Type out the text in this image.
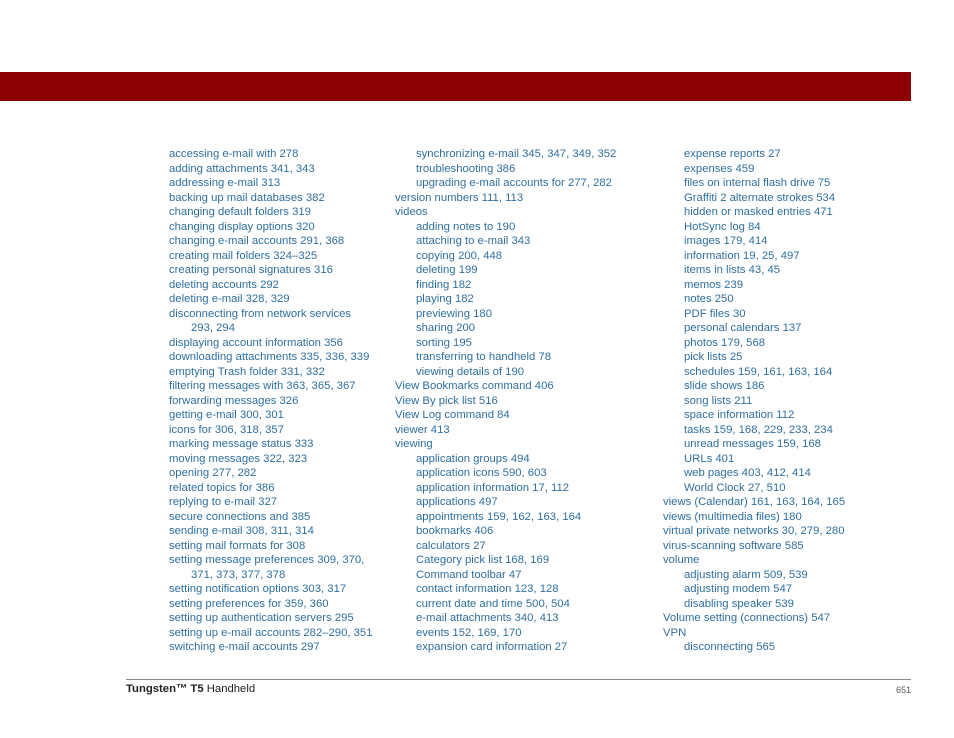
accessing e-mail with 278
adding attachments 341, 343
addressing e-mail 313
backing up mail databases 382
changing default folders 319
changing display options 320
changing e-mail accounts 291, 368
creating mail folders 324–325
creating personal signatures 316
deleting accounts 292
deleting e-mail 328, 329
disconnecting from network services
293, 294
displaying account information 356
downloading attachments 335, 336, 339
emptying Trash folder 331, 332
filtering messages with 363, 365, 367
forwarding messages 326
getting e-mail 300, 301
icons for 306, 318, 357
marking message status 333
moving messages 322, 323
opening 277, 282
related topics for 386
replying to e-mail 327
secure connections and 385
sending e-mail 308, 311, 314
setting mail formats for 308
setting message preferences 309, 370,
371, 373, 377, 378
setting notification options 303, 317
setting preferences for 359, 360
setting up authentication servers 295
setting up e-mail accounts 282–290, 351
switching e-mail accounts 297
synchronizing e-mail 345, 347, 349, 352
troubleshooting 386
upgrading e-mail accounts for 277, 282
version numbers 111, 113
videos
adding notes to 190
attaching to e-mail 343
copying 200, 448
deleting 199
finding 182
playing 182
previewing 180
sharing 200
sorting 195
transferring to handheld 78
viewing details of 190
View Bookmarks command 406
View By pick list 516
View Log command 84
viewer 413
viewing
application groups 494
application icons 590, 603
application information 17, 112
applications 497
appointments 159, 162, 163, 164
bookmarks 406
calculators 27
Category pick list 168, 169
Command toolbar 47
contact information 123, 128
current date and time 500, 504
e-mail attachments 340, 413
events 152, 169, 170
expansion card information 27
expense reports 27
expenses 459
files on internal flash drive 75
Graffiti 2 alternate strokes 534
hidden or masked entries 471
HotSync log 84
images 179, 414
information 19, 25, 497
items in lists 43, 45
memos 239
notes 250
PDF files 30
personal calendars 137
photos 179, 568
pick lists 25
schedules 159, 161, 163, 164
slide shows 186
song lists 211
space information 112
tasks 159, 168, 229, 233, 234
unread messages 159, 168
URLs 401
web pages 403, 412, 414
World Clock 27, 510
views (Calendar) 161, 163, 164, 165
views (multimedia files) 180
virtual private networks 30, 279, 280
virus-scanning software 585
volume
adjusting alarm 509, 539
adjusting modem 547
disabling speaker 539
Volume setting (connections) 547
VPN
disconnecting 565
Tungsten™ T5 Handheld	651
